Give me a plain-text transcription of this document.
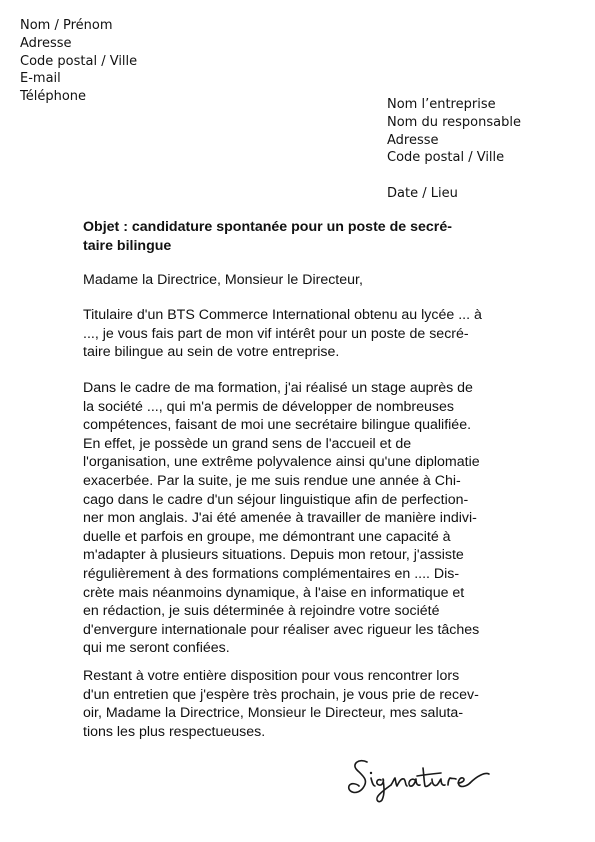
Nom / Prénom
Adresse
Code postal / Ville
E-mail
Téléphone
Nom l’entreprise
Nom du responsable
Adresse
Code postal / Ville
Date / Lieu
Objet : candidature spontanée pour un poste de secré-
taire bilingue
Madame la Directrice, Monsieur le Directeur,
Titulaire d'un BTS Commerce International obtenu au lycée ... à
..., je vous fais part de mon vif intérêt pour un poste de secré-
taire bilingue au sein de votre entreprise.
Dans le cadre de ma formation, j'ai réalisé un stage auprès de
la société ..., qui m'a permis de développer de nombreuses
compétences, faisant de moi une secrétaire bilingue qualifiée.
En effet, je possède un grand sens de l'accueil et de
l'organisation, une extrême polyvalence ainsi qu'une diplomatie
exacerbée. Par la suite, je me suis rendue une année à Chi-
cago dans le cadre d'un séjour linguistique afin de perfection-
ner mon anglais. J'ai été amenée à travailler de manière indivi-
duelle et parfois en groupe, me démontrant une capacité à
m'adapter à plusieurs situations. Depuis mon retour, j'assiste
régulièrement à des formations complémentaires en .... Dis-
crète mais néanmoins dynamique, à l'aise en informatique et
en rédaction, je suis déterminée à rejoindre votre société
d'envergure internationale pour réaliser avec rigueur les tâches
qui me seront confiées.
Restant à votre entière disposition pour vous rencontrer lors
d'un entretien que j'espère très prochain, je vous prie de recev-
oir, Madame la Directrice, Monsieur le Directeur, mes saluta-
tions les plus respectueuses.
